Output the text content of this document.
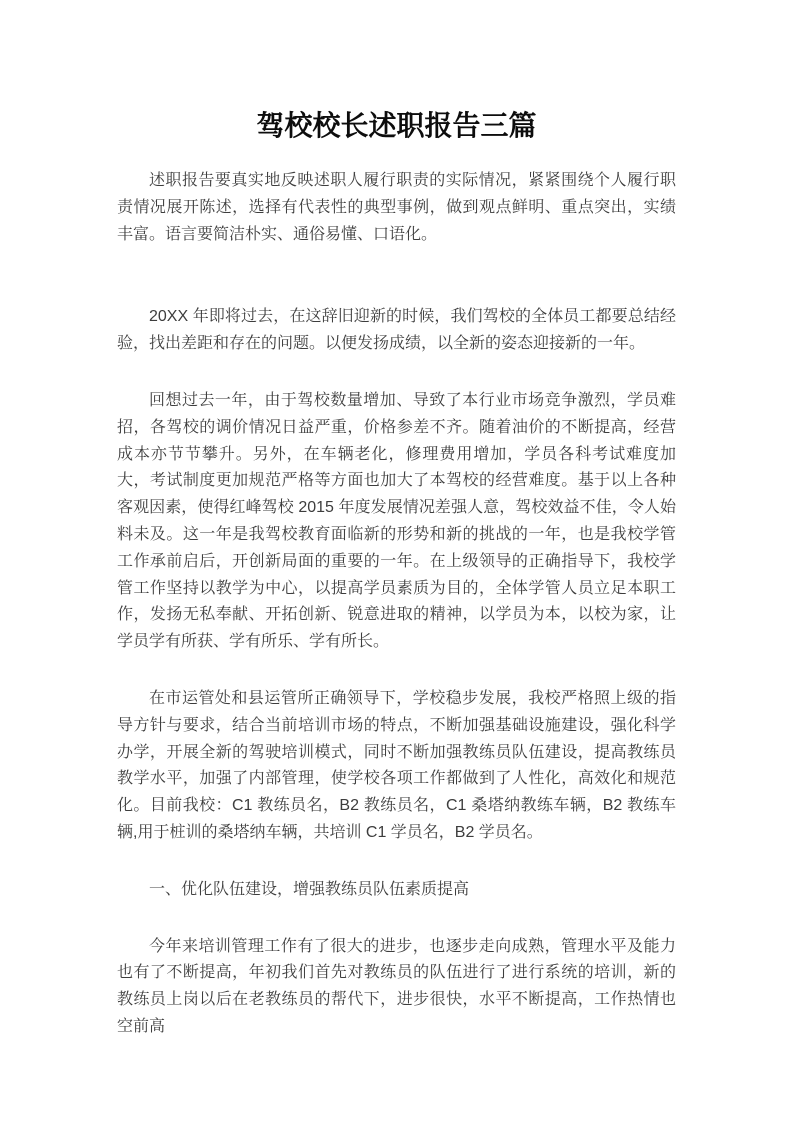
驾校校长述职报告三篇

述职报告要真实地反映述职人履行职责的实际情况，紧紧围绕个人履行职责情况展开陈述，选择有代表性的典型事例，做到观点鲜明、重点突出，实绩丰富。语言要简洁朴实、通俗易懂、口语化。

20XX 年即将过去，在这辞旧迎新的时候，我们驾校的全体员工都要总结经验，找出差距和存在的问题。以便发扬成绩，以全新的姿态迎接新的一年。

回想过去一年，由于驾校数量增加、导致了本行业市场竞争激烈，学员难招，各驾校的调价情况日益严重，价格参差不齐。随着油价的不断提高，经营成本亦节节攀升。另外，在车辆老化，修理费用增加，学员各科考试难度加大，考试制度更加规范严格等方面也加大了本驾校的经营难度。基于以上各种客观因素，使得红峰驾校 2015 年度发展情况差强人意，驾校效益不佳，令人始料未及。这一年是我驾校教育面临新的形势和新的挑战的一年，也是我校学管工作承前启后，开创新局面的重要的一年。在上级领导的正确指导下，我校学管工作坚持以教学为中心，以提高学员素质为目的，全体学管人员立足本职工作，发扬无私奉献、开拓创新、锐意进取的精神，以学员为本，以校为家，让学员学有所获、学有所乐、学有所长。

在市运管处和县运管所正确领导下，学校稳步发展，我校严格照上级的指导方针与要求，结合当前培训市场的特点，不断加强基础设施建设，强化科学办学，开展全新的驾驶培训模式，同时不断加强教练员队伍建设，提高教练员教学水平，加强了内部管理，使学校各项工作都做到了人性化，高效化和规范化。目前我校：C1 教练员名，B2 教练员名，C1 桑塔纳教练车辆，B2 教练车辆,用于桩训的桑塔纳车辆，共培训 C1 学员名，B2 学员名。

一、优化队伍建设，增强教练员队伍素质提高

今年来培训管理工作有了很大的进步，也逐步走向成熟，管理水平及能力也有了不断提高，年初我们首先对教练员的队伍进行了进行系统的培训，新的教练员上岗以后在老教练员的帮代下，进步很快，水平不断提高，工作热情也空前高
